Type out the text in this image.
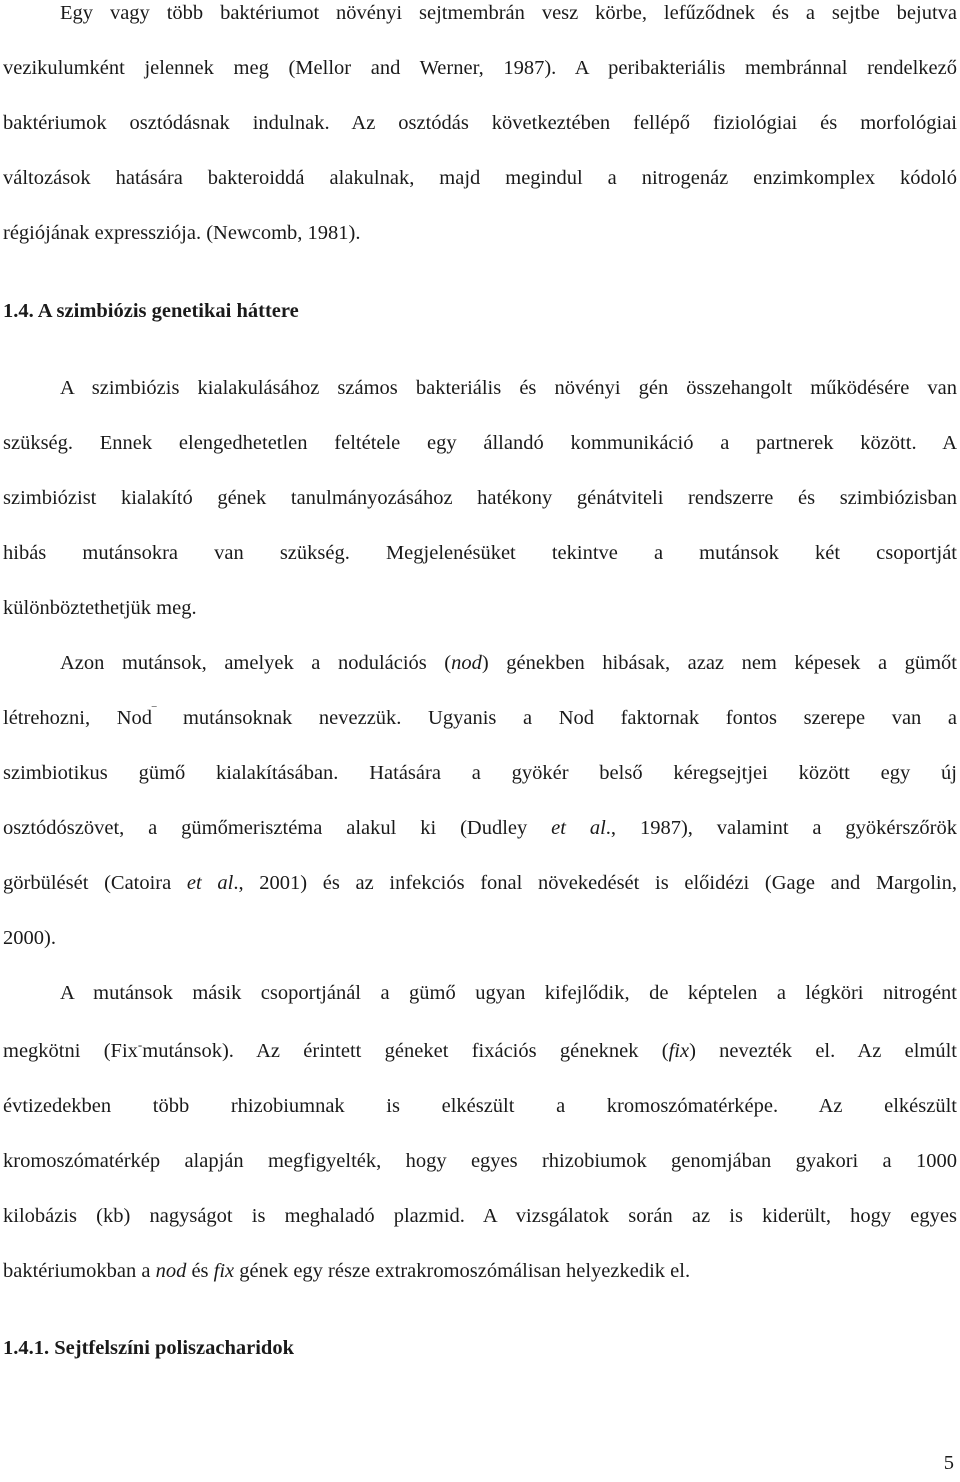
Egy vagy több baktériumot növényi sejtmembrán vesz körbe, lefűződnek és a sejtbe bejutva
vezikulumként jelennek meg (Mellor and Werner, 1987). A peribakteriális membránnal rendelkező
baktériumok osztódásnak indulnak. Az osztódás következtében fellépő fiziológiai és morfológiai
változások hatására bakteroiddá alakulnak, majd megindul a nitrogenáz enzimkomplex kódoló
régiójának expressziója. (Newcomb, 1981).
1.4. A szimbiózis genetikai háttere
A szimbiózis kialakulásához számos bakteriális és növényi gén összehangolt működésére van
szükség. Ennek elengedhetetlen feltétele egy állandó kommunikáció a partnerek között. A
szimbiózist kialakító gének tanulmányozásához hatékony génátviteli rendszerre és szimbiózisban
hibás mutánsokra van szükség. Megjelenésüket tekintve a mutánsok két csoportját
különböztethetjük meg.
Azon mutánsok, amelyek a nodulációs (nod) génekben hibásak, azaz nem képesek a gümőt
létrehozni, Nod‾ mutánsoknak nevezzük. Ugyanis a Nod faktornak fontos szerepe van a
szimbiotikus gümő kialakításában. Hatására a gyökér belső kéregsejtjei között egy új
osztódószövet, a gümőmerisztéma alakul ki (Dudley et al., 1987), valamint a gyökérszőrök
görbülését (Catoira et al., 2001) és az infekciós fonal növekedését is előidézi (Gage and Margolin,
2000).
A mutánsok másik csoportjánál a gümő ugyan kifejlődik, de képtelen a légköri nitrogént
megkötni (Fix-mutánsok). Az érintett géneket fixációs géneknek (fix) nevezték el. Az elmúlt
évtizedekben több rhizobiumnak is elkészült a kromoszómatérképe. Az elkészült
kromoszómatérkép alapján megfigyelték, hogy egyes rhizobiumok genomjában gyakori a 1000
kilobázis (kb) nagyságot is meghaladó plazmid. A vizsgálatok során az is kiderült, hogy egyes
baktériumokban a nod és fix gének egy része extrakromoszómálisan helyezkedik el.
1.4.1. Sejtfelszíni poliszacharidok
5
